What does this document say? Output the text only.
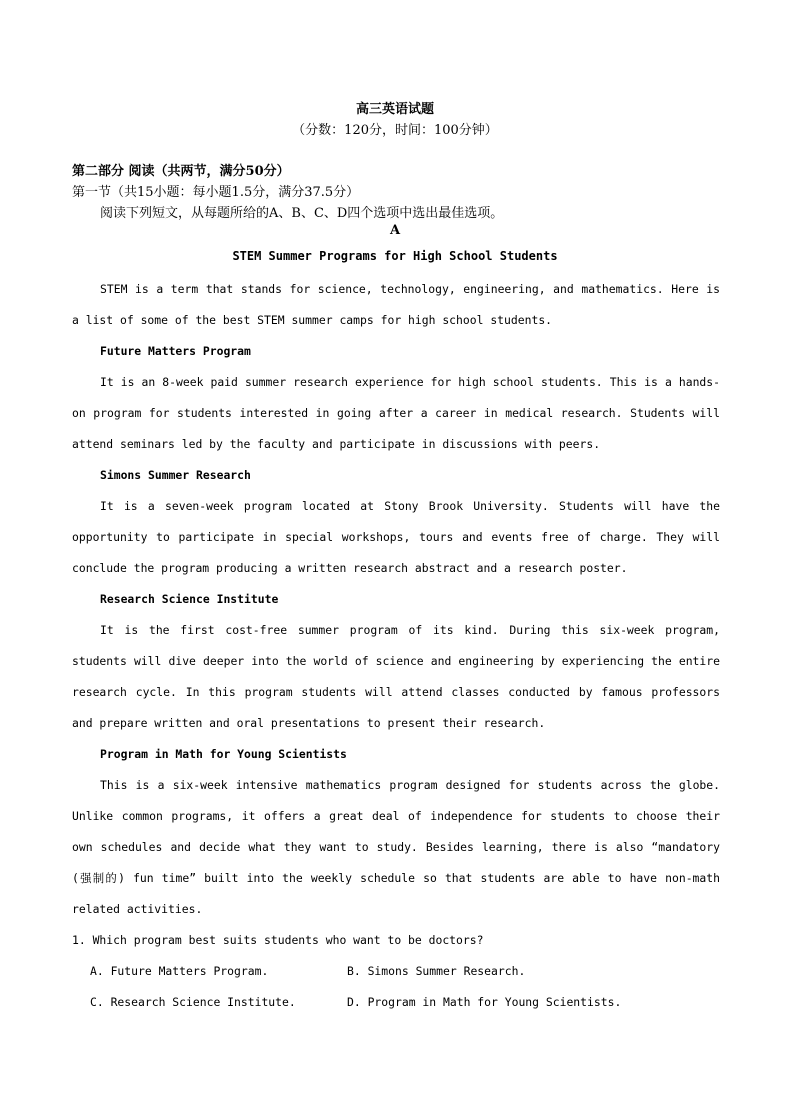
高三英语试题
（分数：120分，时间：100分钟）
第二部分 阅读（共两节，满分50分）
第一节（共15小题：每小题1.5分，满分37.5分）
阅读下列短文，从每题所给的A、B、C、D四个选项中选出最佳选项。
A
STEM Summer Programs for High School Students

STEM is a term that stands for science, technology, engineering, and mathematics. Here is a list of some of the best STEM summer camps for high school students.

Future Matters Program

It is an 8-week paid summer research experience for high school students. This is a hands-on program for students interested in going after a career in medical research. Students will attend seminars led by the faculty and participate in discussions with peers.

Simons Summer Research

It is a seven-week program located at Stony Brook University. Students will have the opportunity to participate in special workshops, tours and events free of charge. They will conclude the program producing a written research abstract and a research poster.

Research Science Institute

It is the first cost-free summer program of its kind. During this six-week program, students will dive deeper into the world of science and engineering by experiencing the entire research cycle. In this program students will attend classes conducted by famous professors and prepare written and oral presentations to present their research.

Program in Math for Young Scientists

This is a six-week intensive mathematics program designed for students across the globe. Unlike common programs, it offers a great deal of independence for students to choose their own schedules and decide what they want to study. Besides learning, there is also “mandatory (强制的) fun time” built into the weekly schedule so that students are able to have non-math related activities.

1. Which program best suits students who want to be doctors?

A. Future Matters Program.	B. Simons Summer Research.
C. Research Science Institute.	D. Program in Math for Young Scientists.
